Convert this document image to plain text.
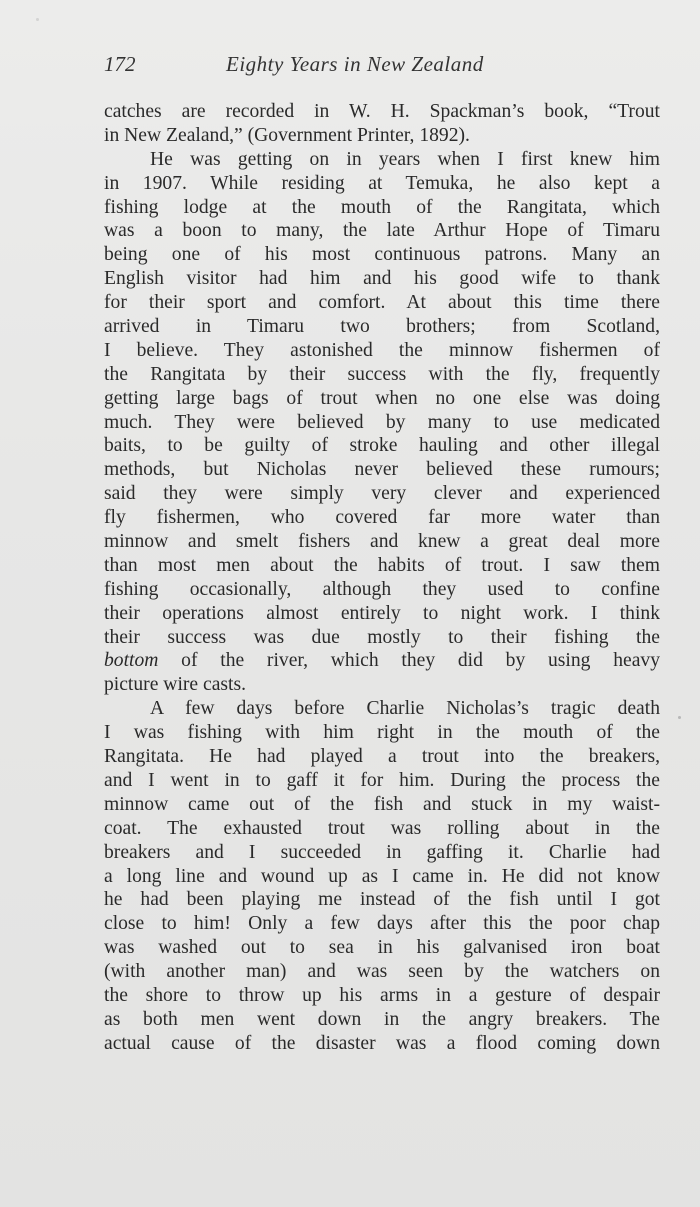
172	Eighty Years in New Zealand
catches are recorded in W. H. Spackman’s book, “Trout
in New Zealand,” (Government Printer, 1892).
He was getting on in years when I first knew him
in 1907. While residing at Temuka, he also kept a
fishing lodge at the mouth of the Rangitata, which
was a boon to many, the late Arthur Hope of Timaru
being one of his most continuous patrons. Many an
English visitor had him and his good wife to thank
for their sport and comfort. At about this time there
arrived in Timaru two brothers; from Scotland,
I believe. They astonished the minnow fishermen of
the Rangitata by their success with the fly, frequently
getting large bags of trout when no one else was doing
much. They were believed by many to use medicated
baits, to be guilty of stroke hauling and other illegal
methods, but Nicholas never believed these rumours;
said they were simply very clever and experienced
fly fishermen, who covered far more water than
minnow and smelt fishers and knew a great deal more
than most men about the habits of trout. I saw them
fishing occasionally, although they used to confine
their operations almost entirely to night work. I think
their success was due mostly to their fishing the
bottom of the river, which they did by using heavy
picture wire casts.
A few days before Charlie Nicholas’s tragic death
I was fishing with him right in the mouth of the
Rangitata. He had played a trout into the breakers,
and I went in to gaff it for him. During the process the
minnow came out of the fish and stuck in my waist-
coat. The exhausted trout was rolling about in the
breakers and I succeeded in gaffing it. Charlie had
a long line and wound up as I came in. He did not know
he had been playing me instead of the fish until I got
close to him! Only a few days after this the poor chap
was washed out to sea in his galvanised iron boat
(with another man) and was seen by the watchers on
the shore to throw up his arms in a gesture of despair
as both men went down in the angry breakers. The
actual cause of the disaster was a flood coming down
